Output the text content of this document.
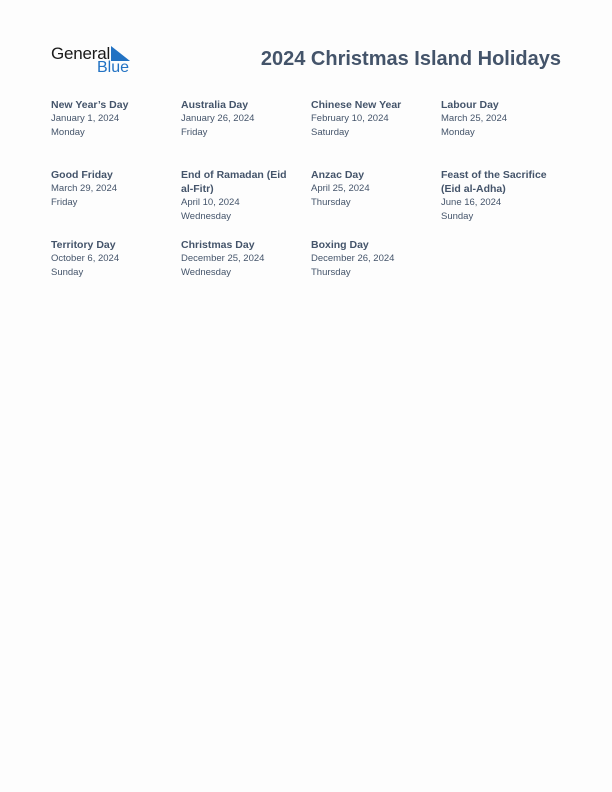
General
Blue	2024 Christmas Island Holidays
New Year’s Day
January 1, 2024
Monday
Australia Day
January 26, 2024
Friday
Chinese New Year
February 10, 2024
Saturday
Labour Day
March 25, 2024
Monday
Good Friday
March 29, 2024
Friday
End of Ramadan (Eid al-Fitr)
April 10, 2024
Wednesday
Anzac Day
April 25, 2024
Thursday
Feast of the Sacrifice (Eid al-Adha)
June 16, 2024
Sunday
Territory Day
October 6, 2024
Sunday
Christmas Day
December 25, 2024
Wednesday
Boxing Day
December 26, 2024
Thursday
